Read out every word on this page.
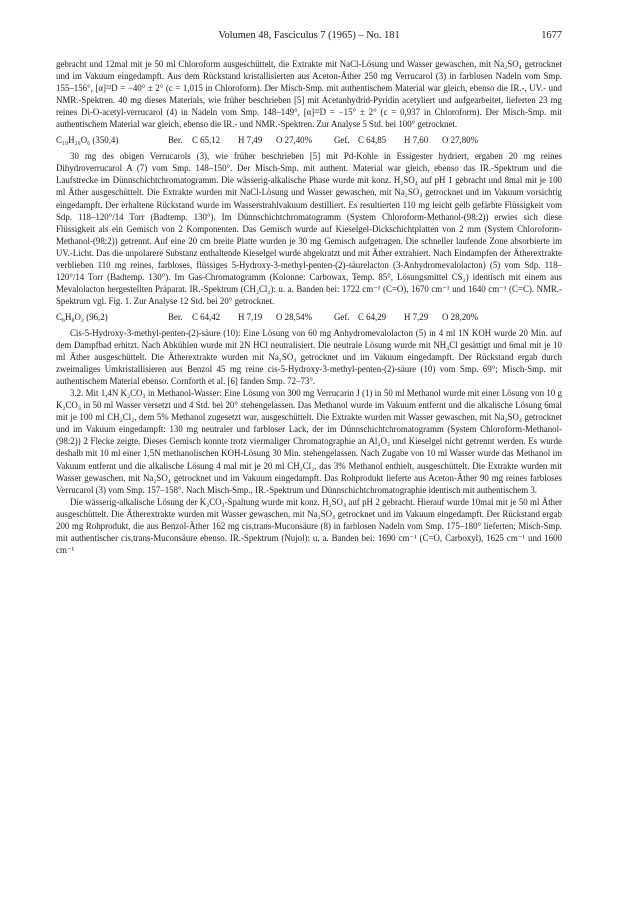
Volumen 48, Fasciculus 7 (1965) – No. 181	1677

gebracht und 12mal mit je 50 ml Chloroform ausgeschüttelt, die Extrakte mit NaCl-Lösung und Wasser gewaschen, mit Na₂SO₄ getrocknet und im Vakuum eingedampft. Aus dem Rückstand kristallisierten aus Aceton-Äther 250 mg Verrucarol (3) in farblosen Nadeln vom Smp. 155–156°, [α]²²D = −40° ± 2° (c = 1,015 in Chloroform). Der Misch-Smp. mit authentischem Material war gleich, ebenso die IR.-, UV.- und NMR.-Spektren. 40 mg dieses Materials, wie früher beschrieben [5] mit Acetanhydrid-Pyridin acetyliert und aufgearbeitet, lieferten 23 mg reines Di-O-acetyl-verrucarol (4) in Nadeln vom Smp. 148–149°, [α]²²D = −15° ± 2° (c = 0,937 in Chloroform). Der Misch-Smp. mit authentischem Material war gleich, ebenso die IR.- und NMR.-Spektren. Zur Analyse 5 Std. bei 100° getrocknet.

C₁₉H₂₆O₆ (350,4)	Ber. C 65,12 H 7,49 O 27,40% Gef. C 64,85 H 7,60 O 27,80%

30 mg des obigen Verrucarols (3), wie früher beschrieben [5] mit Pd-Kohle in Essigester hydriert, ergaben 20 mg reines Dihydroverrucarol A (7) vom Smp. 148–150°. Der Misch-Smp. mit authent. Material war gleich, ebenso das IR.-Spektrum und die Laufstrecke im Dünnschichtchromatogramm. Die wässerig-alkalische Phase wurde mit konz. H₂SO₄ auf pH 1 gebracht und 8mal mit je 100 ml Äther ausgeschüttelt. Die Extrakte wurden mit NaCl-Lösung und Wasser gewaschen, mit Na₂SO₄ getrocknet und im Vakuum vorsichtig eingedampft. Der erhaltene Rückstand wurde im Wasserstrahlvakuum destilliert. Es resultierten 110 mg leicht gelb gefärbte Flüssigkeit vom Sdp. 118–120°/14 Torr (Badtemp. 130°). Im Dünnschichtchromatogramm (System Chloroform-Methanol-(98:2)) erwies sich diese Flüssigkeit als ein Gemisch von 2 Komponenten. Das Gemisch wurde auf Kieselgel-Dickschichtplatten von 2 mm (System Chloroform-Methanol-(98:2)) getrennt. Auf eine 20 cm breite Platte wurden je 30 mg Gemisch aufgetragen. Die schneller laufende Zone absorbierte im UV.-Licht. Das die unpolarere Substanz enthaltende Kieselgel wurde abgekratzt und mit Äther extrahiert. Nach Eindampfen der Ätherextrakte verblieben 110 mg reines, farbloses, flüssiges 5-Hydroxy-3-methyl-penten-(2)-säurelacton (3-Anhydromevalolacton) (5) vom Sdp. 118–120°/14 Torr (Badtemp. 130°). Im Gas-Chromatogramm (Kolonne: Carbowax, Temp. 85°, Lösungsmittel CS₂) identisch mit einem aus Mevalolacton hergestellten Präparat. IR.-Spektrum (CH₂Cl₂): u. a. Banden bei: 1722 cm⁻¹ (C=O), 1670 cm⁻¹ und 1640 cm⁻¹ (C=C). NMR.-Spektrum vgl. Fig. 1. Zur Analyse 12 Std. bei 20° getrocknet.

C₆H₈O₂ (96,2)	Ber. C 64,42 H 7,19 O 28,54% Gef. C 64,29 H 7,29 O 28,20%

Cis-5-Hydroxy-3-methyl-penten-(2)-säure (10): Eine Lösung von 60 mg Anhydromevalolacton (5) in 4 ml 1N KOH wurde 20 Min. auf dem Dampfbad erhitzt. Nach Abkühlen wurde mit 2N HCl neutralisiert. Die neutrale Lösung wurde mit NH₄Cl gesättigt und 6mal mit je 10 ml Äther ausgeschüttelt. Die Ätherextrakte wurden mit Na₂SO₄ getrocknet und im Vakuum eingedampft. Der Rückstand ergab durch zweimaliges Umkristallisieren aus Benzol 45 mg reine cis-5-Hydroxy-3-methyl-penten-(2)-säure (10) vom Smp. 69°; Misch-Smp. mit authentischem Material ebenso. Cornforth et al. [6] fanden Smp. 72–73°.

3.2. Mit 1,4N K₂CO₃ in Methanol-Wasser: Eine Lösung von 300 mg Verrucarin J (1) in 50 ml Methanol wurde mit einer Lösung von 10 g K₂CO₃ in 50 ml Wasser versetzt und 4 Std. bei 20° stehengelassen. Das Methanol wurde im Vakuum entfernt und die alkalische Lösung 6mal mit je 100 ml CH₂Cl₂, dem 5% Methanol zugesetzt war, ausgeschüttelt. Die Extrakte wurden mit Wasser gewaschen, mit Na₂SO₄ getrocknet und im Vakuum eingedampft: 130 mg neutraler und farbloser Lack, der im Dünnschichtchromatogramm (System Chloroform-Methanol-(98:2)) 2 Flecke zeigte. Dieses Gemisch konnte trotz viermaliger Chromatographie an Al₂O₃ und Kieselgel nicht getrennt werden. Es wurde deshalb mit 10 ml einer 1,5N methanolischen KOH-Lösung 30 Min. stehengelassen. Nach Zugabe von 10 ml Wasser wurde das Methanol im Vakuum entfernt und die alkalische Lösung 4 mal mit je 20 ml CH₂Cl₂, das 3% Methanol enthielt, ausgeschüttelt. Die Extrakte wurden mit Wasser gewaschen, mit Na₂SO₄ getrocknet und im Vakuum eingedampft. Das Rohprodukt lieferte aus Aceton-Äther 90 mg reines farbloses Verrucarol (3) vom Smp. 157–158°. Nach Misch-Smp., IR.-Spektrum und Dünnschichtchromatographie identisch mit authentischem 3.

Die wässerig-alkalische Lösung der K₂CO₃-Spaltung wurde mit konz. H₂SO₄ auf pH 2 gebracht. Hierauf wurde 10mal mit je 50 ml Äther ausgeschüttelt. Die Ätherextrakte wurden mit Wasser gewaschen, mit Na₂SO₄ getrocknet und im Vakuum eingedampft. Der Rückstand ergab 200 mg Rohprodukt, die aus Benzol-Äther 162 mg cis,trans-Muconsäure (8) in farblosen Nadeln vom Smp. 175–180° lieferten; Misch-Smp. mit authentischer cis,trans-Muconsäure ebenso. IR.-Spektrum (Nujol): u. a. Banden bei: 1690 cm⁻¹ (C=O, Carboxyl), 1625 cm⁻¹ und 1600 cm⁻¹
